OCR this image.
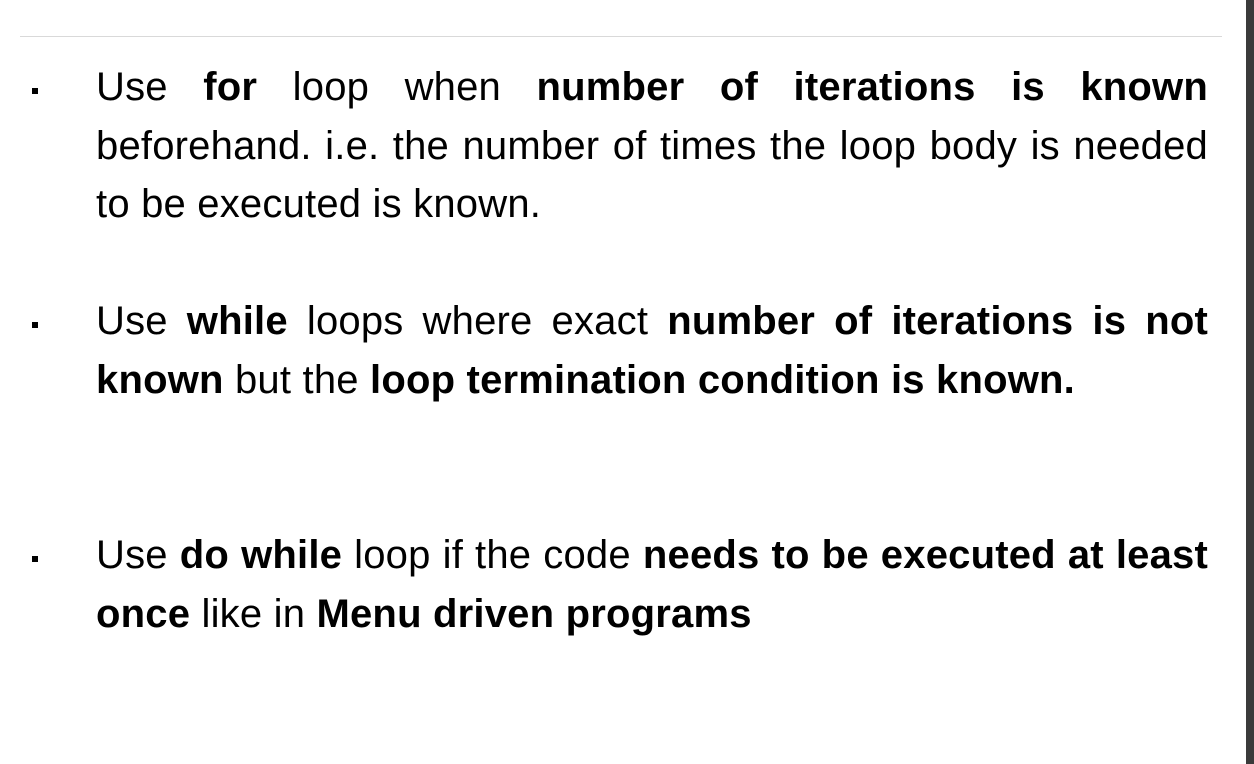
Use for loop when number of iterations is known beforehand. i.e. the number of times the loop body is needed to be executed is known.

Use while loops where exact number of iterations is not known but the loop termination condition is known.

Use do while loop if the code needs to be executed at least once like in Menu driven programs
